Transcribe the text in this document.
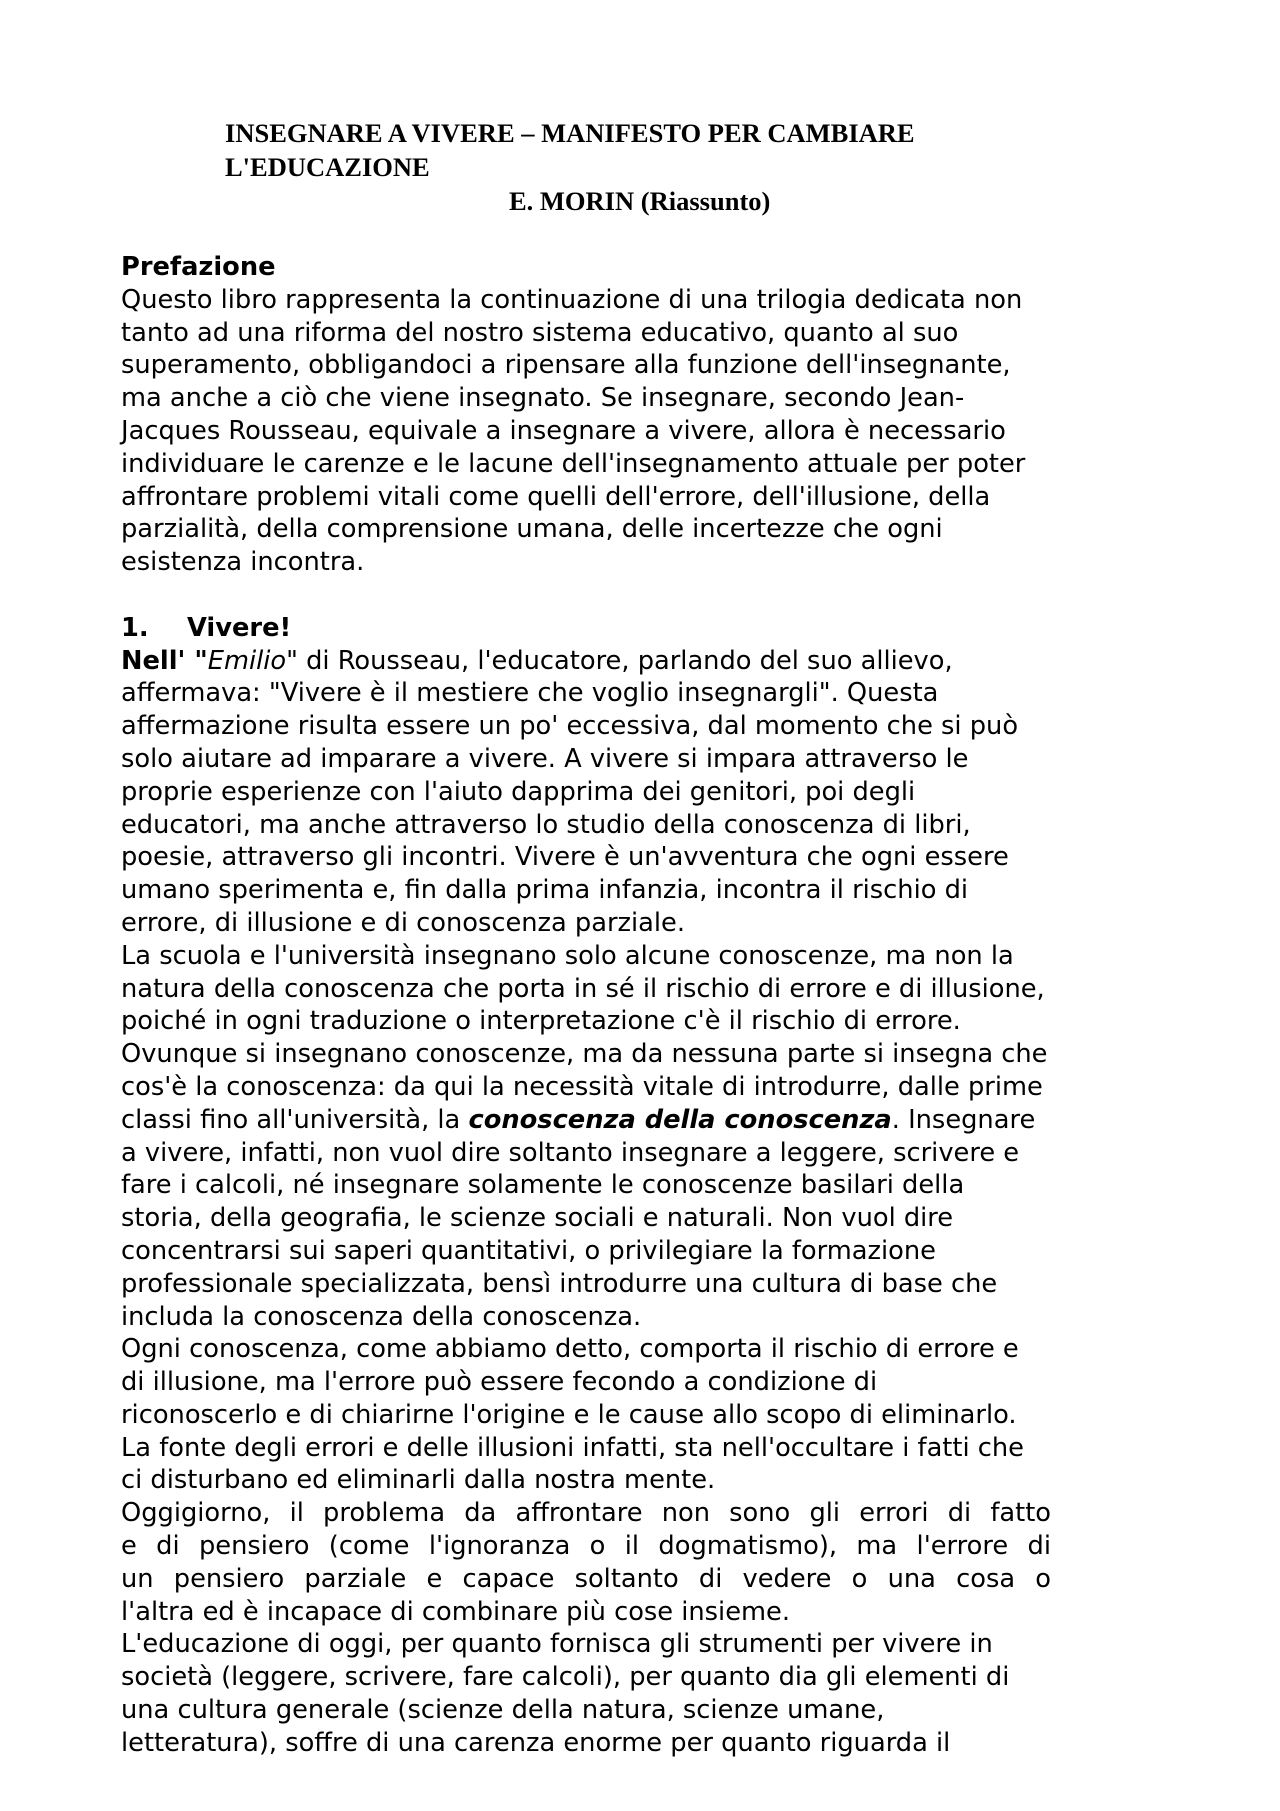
INSEGNARE A VIVERE – MANIFESTO PER CAMBIARE
L'EDUCAZIONE
E. MORIN (Riassunto)
Prefazione
Questo libro rappresenta la continuazione di una trilogia dedicata non
tanto ad una riforma del nostro sistema educativo, quanto al suo
superamento, obbligandoci a ripensare alla funzione dell'insegnante,
ma anche a ciò che viene insegnato. Se insegnare, secondo Jean-
Jacques Rousseau, equivale a insegnare a vivere, allora è necessario
individuare le carenze e le lacune dell'insegnamento attuale per poter
affrontare problemi vitali come quelli dell'errore, dell'illusione, della
parzialità, della comprensione umana, delle incertezze che ogni
esistenza incontra.
1. Vivere!
Nell' "Emilio" di Rousseau, l'educatore, parlando del suo allievo,
affermava: "Vivere è il mestiere che voglio insegnargli". Questa
affermazione risulta essere un po' eccessiva, dal momento che si può
solo aiutare ad imparare a vivere. A vivere si impara attraverso le
proprie esperienze con l'aiuto dapprima dei genitori, poi degli
educatori, ma anche attraverso lo studio della conoscenza di libri,
poesie, attraverso gli incontri. Vivere è un'avventura che ogni essere
umano sperimenta e, fin dalla prima infanzia, incontra il rischio di
errore, di illusione e di conoscenza parziale.
La scuola e l'università insegnano solo alcune conoscenze, ma non la
natura della conoscenza che porta in sé il rischio di errore e di illusione,
poiché in ogni traduzione o interpretazione c'è il rischio di errore.
Ovunque si insegnano conoscenze, ma da nessuna parte si insegna che
cos'è la conoscenza: da qui la necessità vitale di introdurre, dalle prime
classi fino all'università, la conoscenza della conoscenza. Insegnare
a vivere, infatti, non vuol dire soltanto insegnare a leggere, scrivere e
fare i calcoli, né insegnare solamente le conoscenze basilari della
storia, della geografia, le scienze sociali e naturali. Non vuol dire
concentrarsi sui saperi quantitativi, o privilegiare la formazione
professionale specializzata, bensì introdurre una cultura di base che
includa la conoscenza della conoscenza.
Ogni conoscenza, come abbiamo detto, comporta il rischio di errore e
di illusione, ma l'errore può essere fecondo a condizione di
riconoscerlo e di chiarirne l'origine e le cause allo scopo di eliminarlo.
La fonte degli errori e delle illusioni infatti, sta nell'occultare i fatti che
ci disturbano ed eliminarli dalla nostra mente.
Oggigiorno, il problema da affrontare non sono gli errori di fatto
e di pensiero (come l'ignoranza o il dogmatismo), ma l'errore di
un pensiero parziale e capace soltanto di vedere o una cosa o
l'altra ed è incapace di combinare più cose insieme.
L'educazione di oggi, per quanto fornisca gli strumenti per vivere in
società (leggere, scrivere, fare calcoli), per quanto dia gli elementi di
una cultura generale (scienze della natura, scienze umane,
letteratura), soffre di una carenza enorme per quanto riguarda il
